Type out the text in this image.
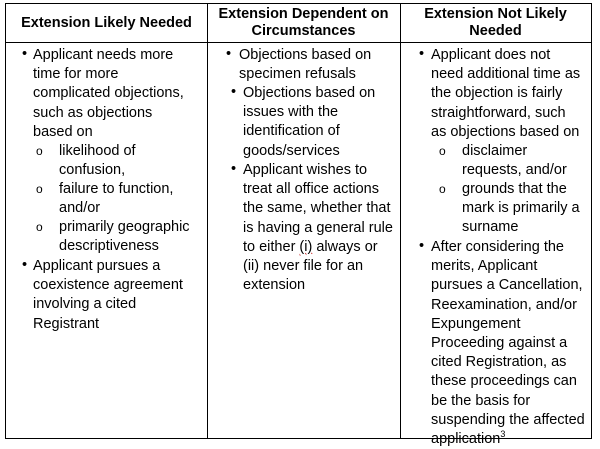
Extension Likely Needed
Extension Dependent on Circumstances
Extension Not Likely Needed
• Applicant needs more
time for more
complicated objections,
such as objections
based on
o likelihood of
confusion,
o failure to function,
and/or
o primarily geographic
descriptiveness
• Applicant pursues a
coexistence agreement
involving a cited
Registrant
• Objections based on
specimen refusals
• Objections based on
issues with the
identification of
goods/services
• Applicant wishes to
treat all office actions
the same, whether that
is having a general rule
to either (i) always or
(ii) never file for an
extension
• Applicant does not
need additional time as
the objection is fairly
straightforward, such
as objections based on
o disclaimer
requests, and/or
o grounds that the
mark is primarily a
surname
• After considering the
merits, Applicant
pursues a Cancellation,
Reexamination, and/or
Expungement
Proceeding against a
cited Registration, as
these proceedings can
be the basis for
suspending the affected
application$^3$
